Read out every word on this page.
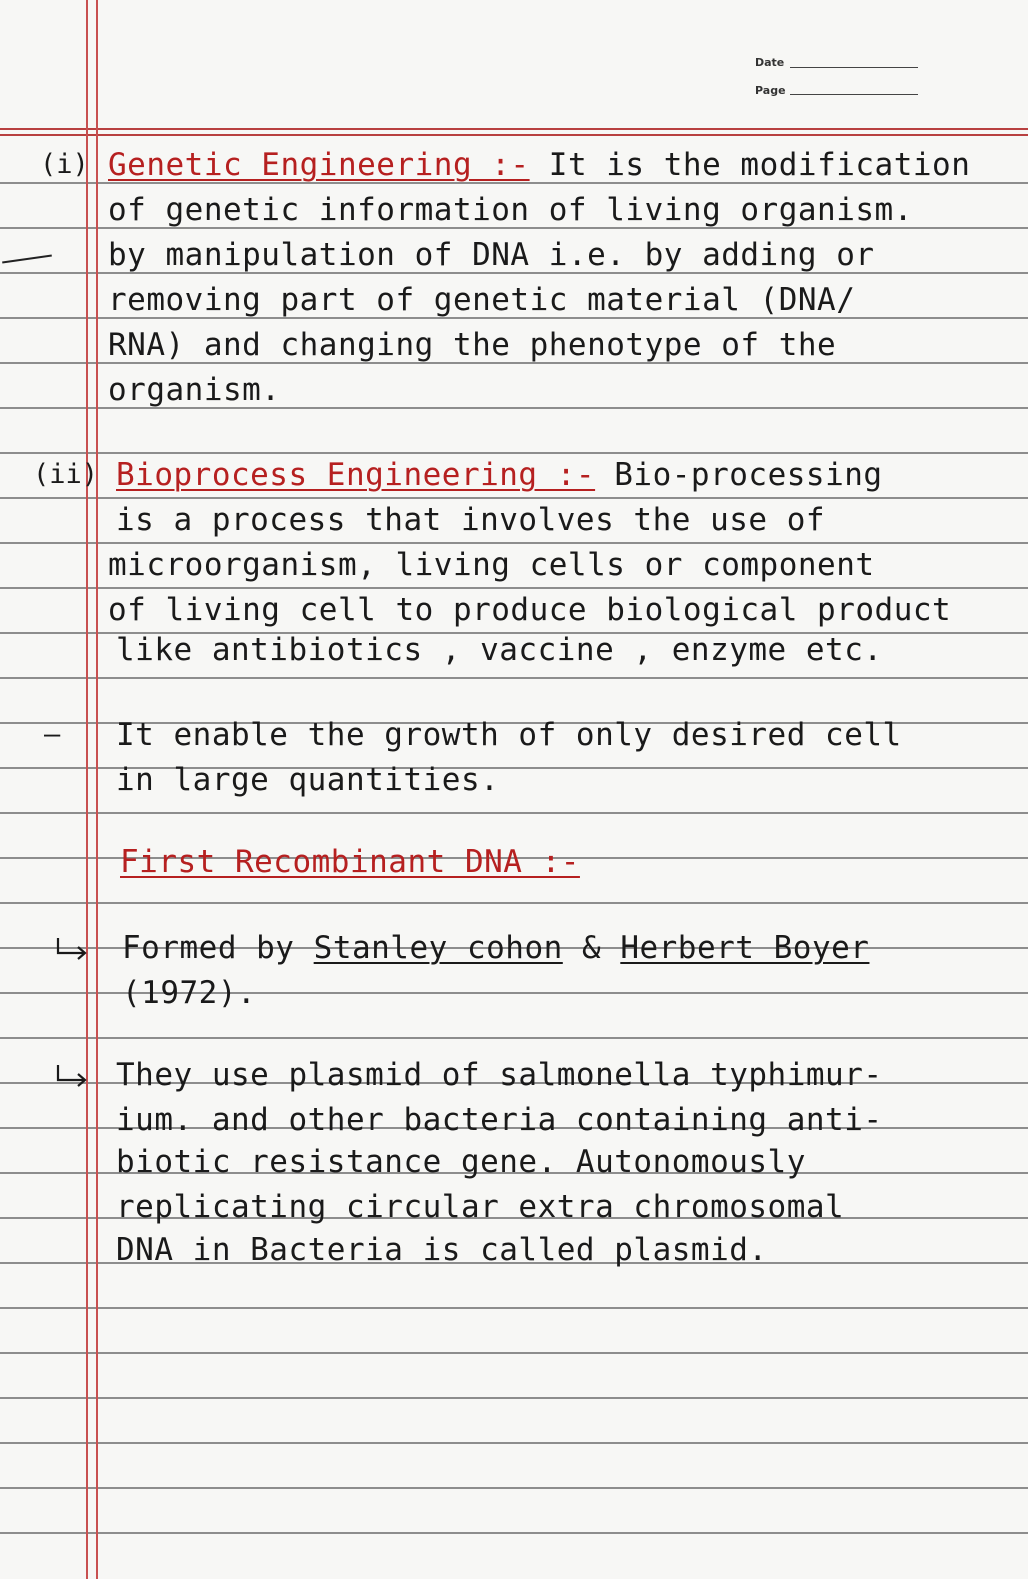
Date
Page
(i) Genetic Engineering :- It is the modification
of genetic information of living organism.
by manipulation of DNA i.e. by adding or
removing part of genetic material (DNA/
RNA) and changing the phenotype of the
organism.
(ii) Bioprocess Engineering :- Bio-processing
is a process that involves the use of
microorganism, living cells or component
of living cell to produce biological product
like antibiotics , vaccine , enzyme etc.
— It enable the growth of only desired cell
in large quantities.
First Recombinant DNA :-
Formed by Stanley cohon & Herbert Boyer
(1972).
They use plasmid of salmonella typhimur-
ium. and other bacteria containing anti-
biotic resistance gene. Autonomously
replicating circular extra chromosomal
DNA in Bacteria is called plasmid.
